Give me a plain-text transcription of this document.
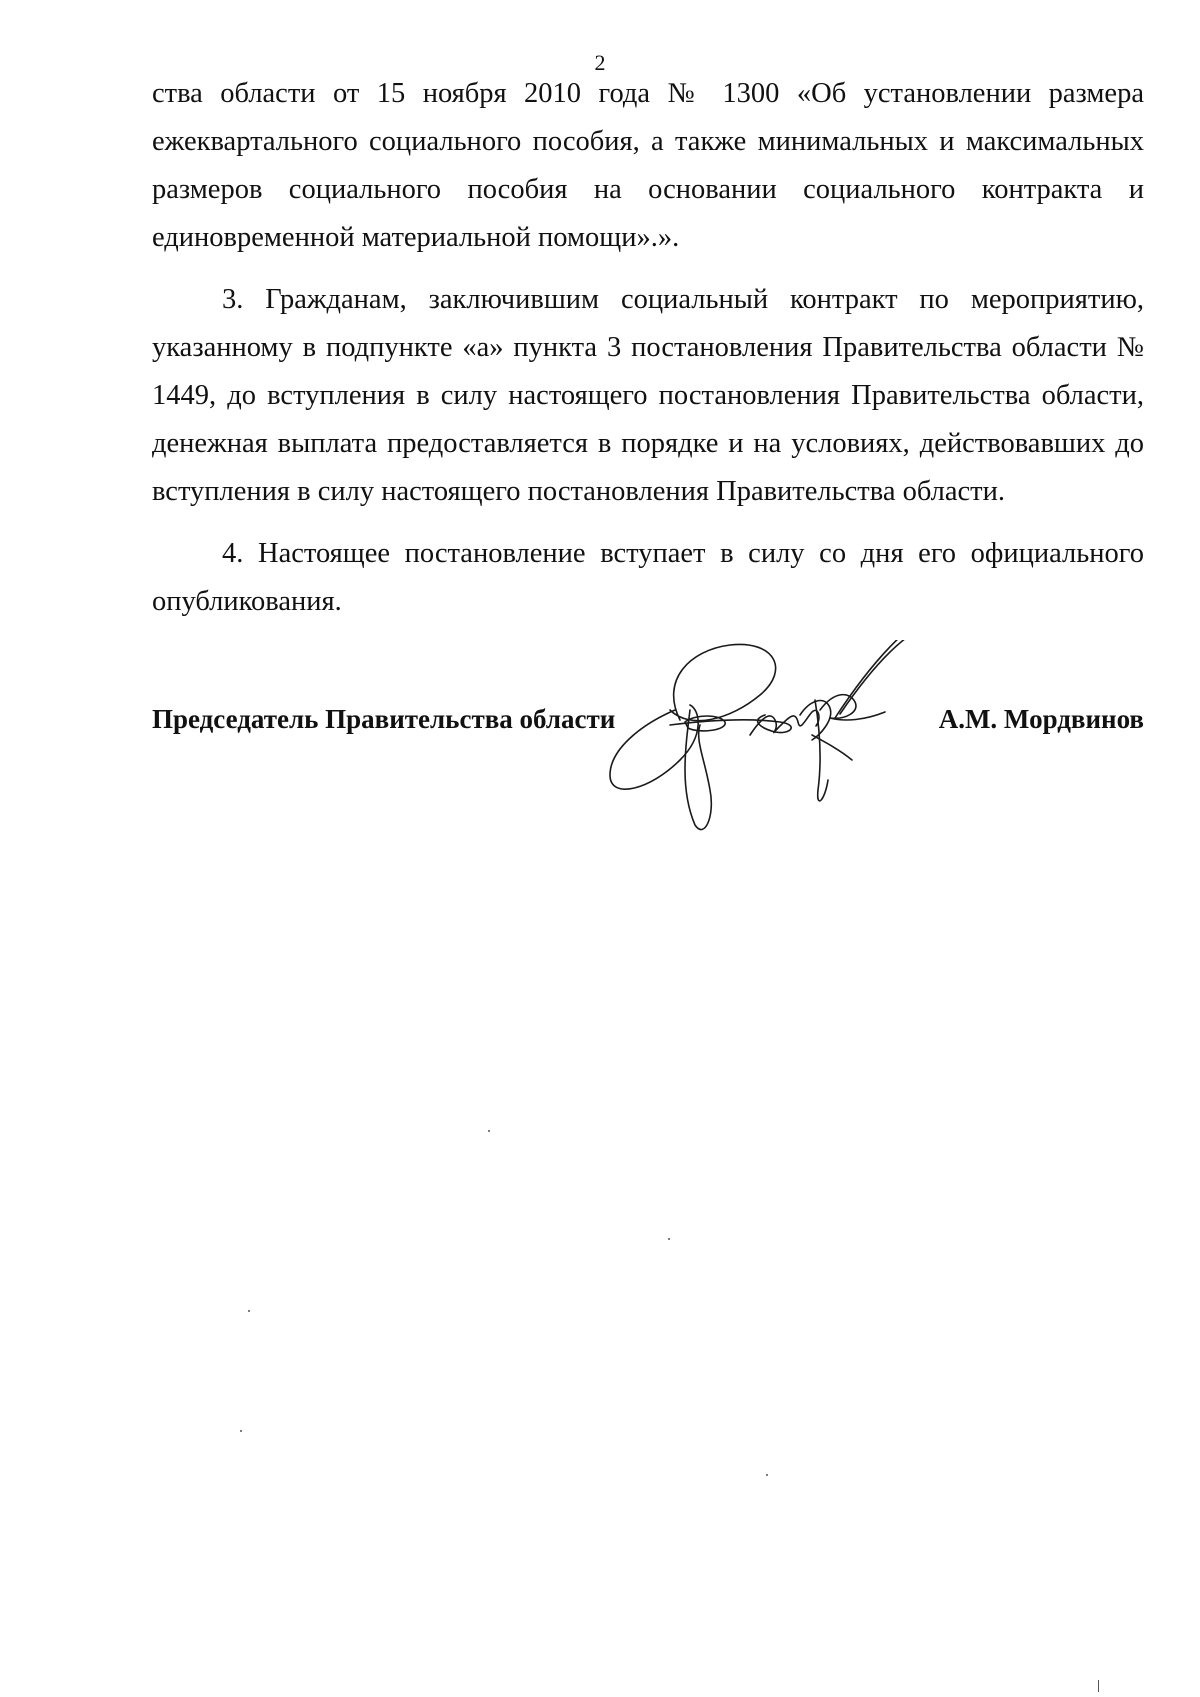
2

ства области от 15 ноября 2010 года № 1300 «Об установлении размера ежеквартального социального пособия, а также минимальных и максимальных размеров социального пособия на основании социального контракта и единовременной материальной помощи».».

3. Гражданам, заключившим социальный контракт по мероприятию, указанному в подпункте «а» пункта 3 постановления Правительства области № 1449, до вступления в силу настоящего постановления Правительства области, денежная выплата предоставляется в порядке и на условиях, действовавших до вступления в силу настоящего постановления Правительства области.

4. Настоящее постановление вступает в силу со дня его официального опубликования.

Председатель Правительства области	А.М. Мордвинов
